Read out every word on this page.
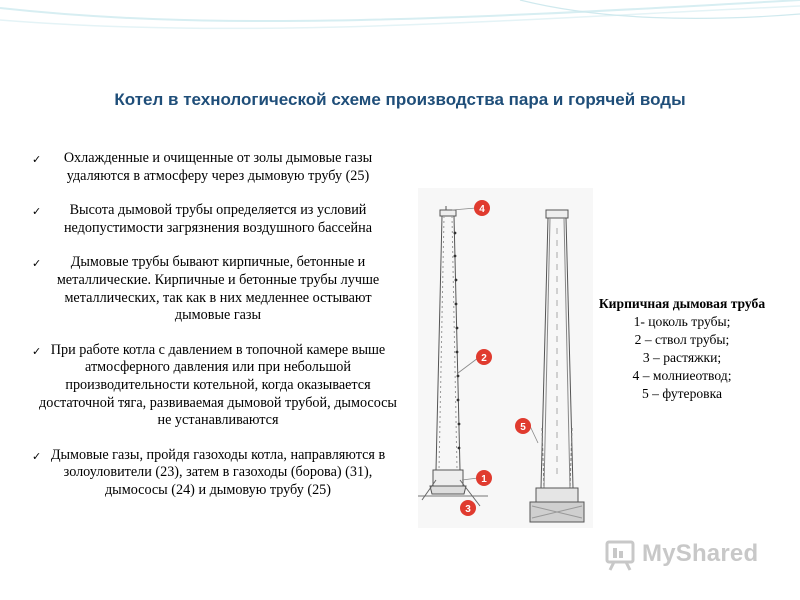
Котел в технологической схеме производства пара и горячей воды
✓ Охлажденные и очищенные от золы дымовые газы удаляются в атмосферу через дымовую трубу (25)
✓ Высота дымовой трубы определяется из условий недопустимости загрязнения воздушного бассейна
✓ Дымовые трубы бывают кирпичные, бетонные и металлические. Кирпичные и бетонные трубы лучше металлических, так как в них медленнее остывают дымовые газы
✓ При работе котла с давлением в топочной камере выше атмосферного давления или при небольшой производительности котельной, когда оказывается достаточной тяга, развиваемая дымовой трубой, дымососы не устанавливаются
✓ Дымовые газы, пройдя газоходы котла, направляются в золоуловители (23), затем в газоходы (борова) (31), дымососы (24) и дымовую трубу (25)
4
2
1
3
5
Кирпичная дымовая труба
1- цоколь трубы;
2 – ствол трубы;
3 – растяжки;
4 – молниеотвод;
5 – футеровка
MyShared
